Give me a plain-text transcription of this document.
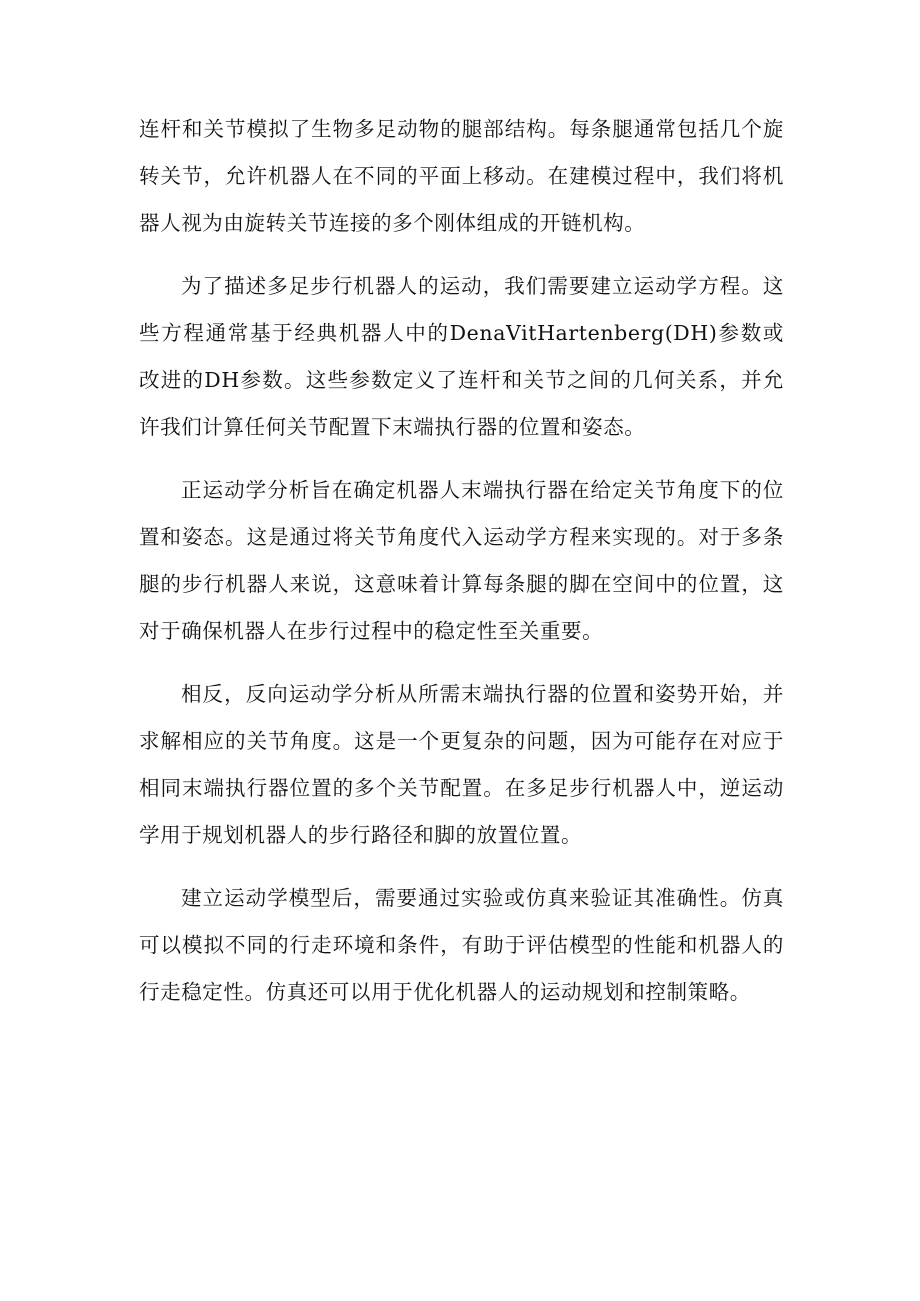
连杆和关节模拟了生物多足动物的腿部结构。每条腿通常包括几个旋转关节，允许机器人在不同的平面上移动。在建模过程中，我们将机器人视为由旋转关节连接的多个刚体组成的开链机构。

为了描述多足步行机器人的运动，我们需要建立运动学方程。这些方程通常基于经典机器人中的DenaVitHartenberg(DH)参数或改进的DH参数。这些参数定义了连杆和关节之间的几何关系，并允许我们计算任何关节配置下末端执行器的位置和姿态。

正运动学分析旨在确定机器人末端执行器在给定关节角度下的位置和姿态。这是通过将关节角度代入运动学方程来实现的。对于多条腿的步行机器人来说，这意味着计算每条腿的脚在空间中的位置，这对于确保机器人在步行过程中的稳定性至关重要。

相反，反向运动学分析从所需末端执行器的位置和姿势开始，并求解相应的关节角度。这是一个更复杂的问题，因为可能存在对应于相同末端执行器位置的多个关节配置。在多足步行机器人中，逆运动学用于规划机器人的步行路径和脚的放置位置。

建立运动学模型后，需要通过实验或仿真来验证其准确性。仿真可以模拟不同的行走环境和条件，有助于评估模型的性能和机器人的行走稳定性。仿真还可以用于优化机器人的运动规划和控制策略。
